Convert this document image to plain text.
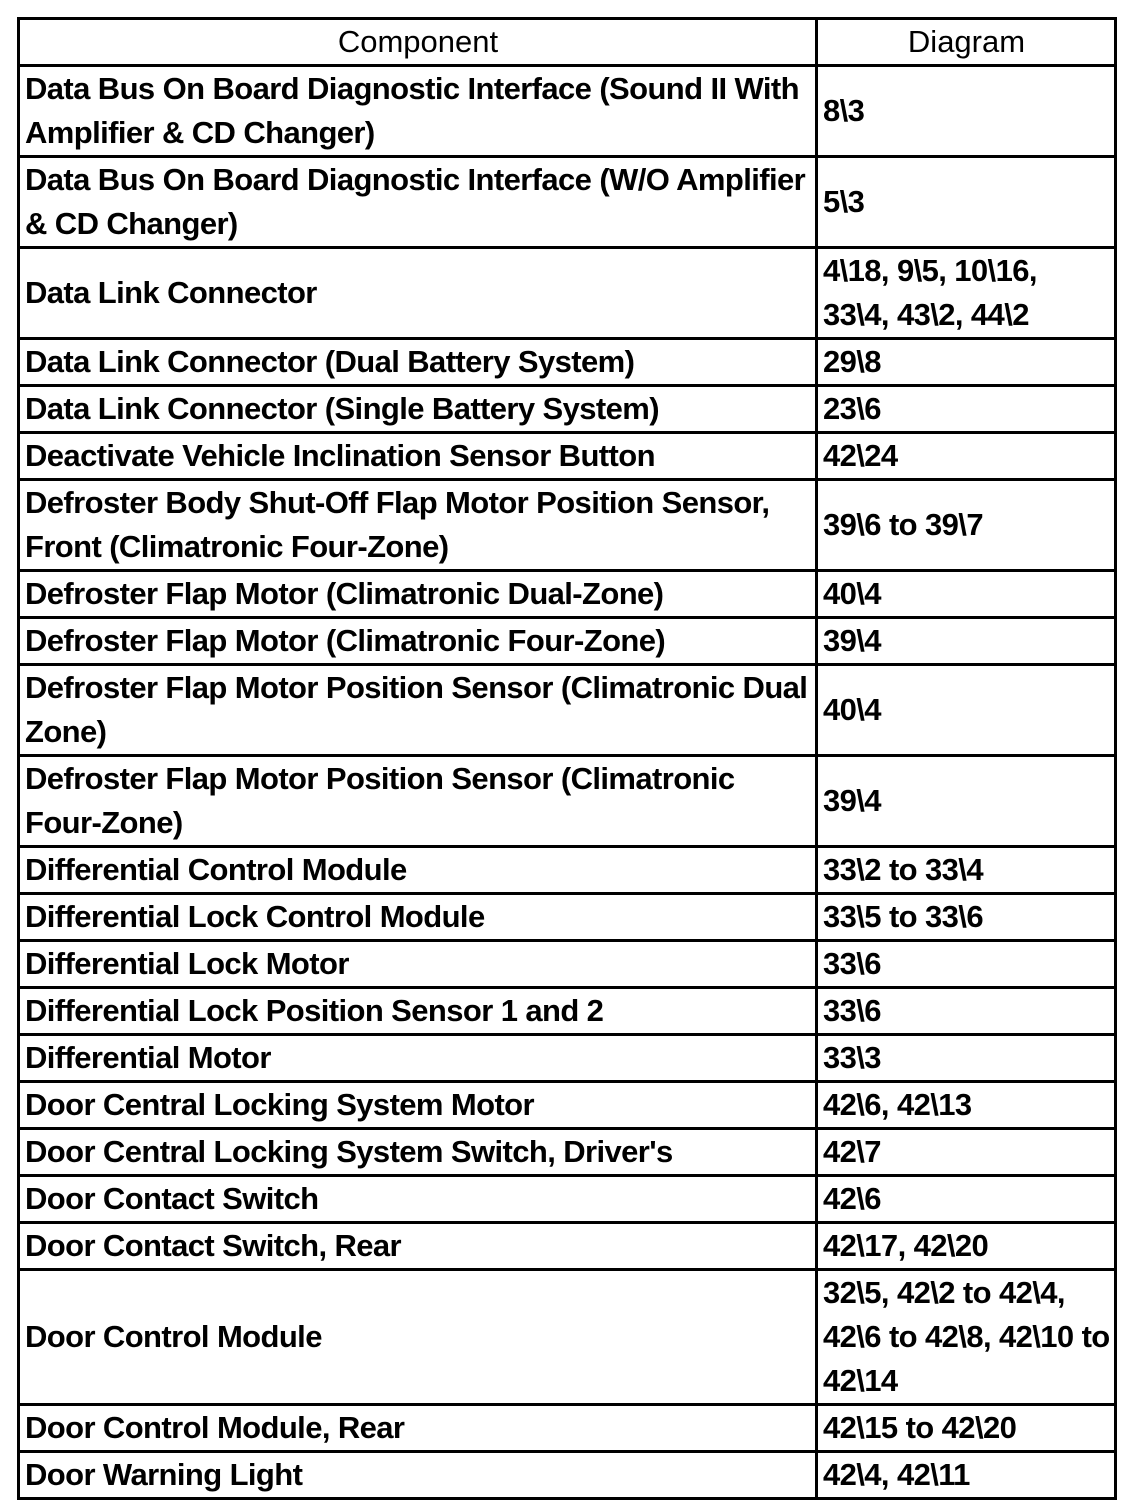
Component	Diagram
Data Bus On Board Diagnostic Interface (Sound II With Amplifier & CD Changer)	8\3
Data Bus On Board Diagnostic Interface (W/O Amplifier & CD Changer)	5\3
Data Link Connector	4\18, 9\5, 10\16, 33\4, 43\2, 44\2
Data Link Connector (Dual Battery System)	29\8
Data Link Connector (Single Battery System)	23\6
Deactivate Vehicle Inclination Sensor Button	42\24
Defroster Body Shut-Off Flap Motor Position Sensor, Front (Climatronic Four-Zone)	39\6 to 39\7
Defroster Flap Motor (Climatronic Dual-Zone)	40\4
Defroster Flap Motor (Climatronic Four-Zone)	39\4
Defroster Flap Motor Position Sensor (Climatronic Dual Zone)	40\4
Defroster Flap Motor Position Sensor (Climatronic Four-Zone)	39\4
Differential Control Module	33\2 to 33\4
Differential Lock Control Module	33\5 to 33\6
Differential Lock Motor	33\6
Differential Lock Position Sensor 1 and 2	33\6
Differential Motor	33\3
Door Central Locking System Motor	42\6, 42\13
Door Central Locking System Switch, Driver's	42\7
Door Contact Switch	42\6
Door Contact Switch, Rear	42\17, 42\20
Door Control Module	32\5, 42\2 to 42\4, 42\6 to 42\8, 42\10 to 42\14
Door Control Module, Rear	42\15 to 42\20
Door Warning Light	42\4, 42\11
